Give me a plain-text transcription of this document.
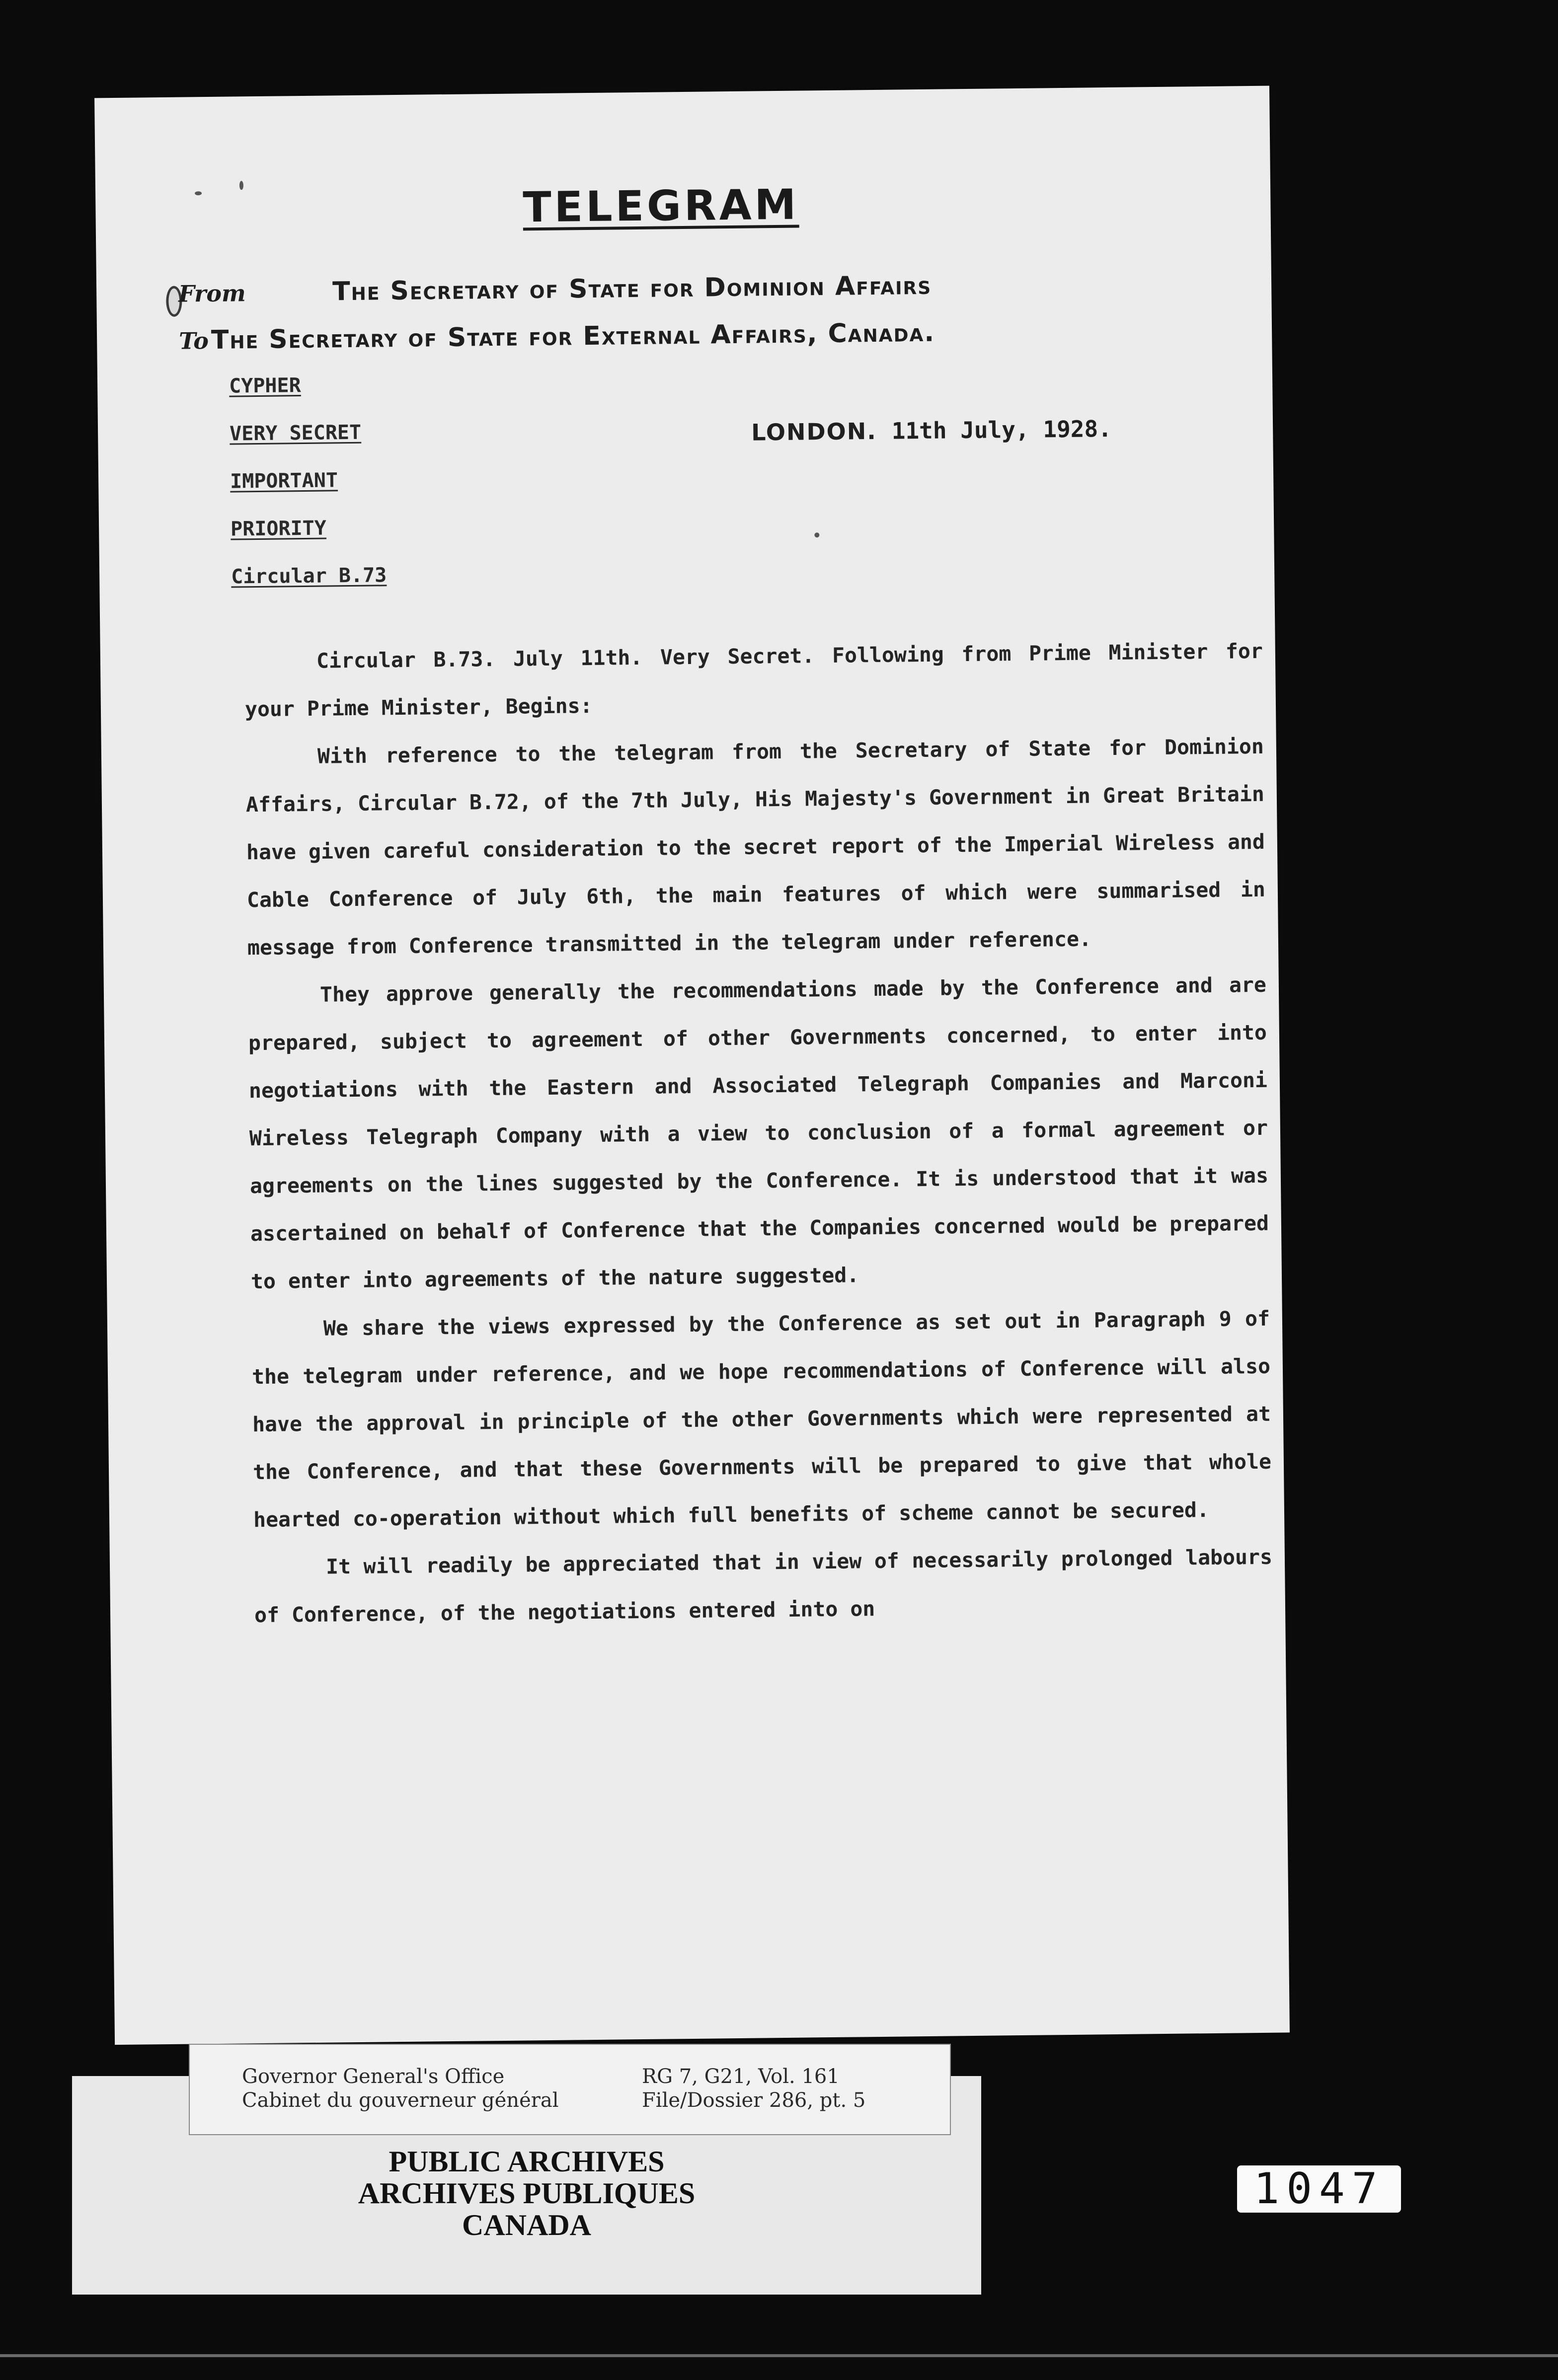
TELEGRAM
From	The Secretary of State for Dominion Affairs
To The Secretary of State for External Affairs, Canada.
CYPHER
VERY SECRET
IMPORTANT
PRIORITY
Circular B.73
LONDON. 11th July, 1928.

Circular B.73. July 11th. Very Secret. Following from Prime Minister for your Prime Minister, Begins:

With reference to the telegram from the Secretary of State for Dominion Affairs, Circular B.72, of the 7th July, His Majesty's Government in Great Britain have given careful consideration to the secret report of the Imperial Wireless and Cable Conference of July 6th, the main features of which were summarised in message from Conference transmitted in the telegram under reference.

They approve generally the recommendations made by the Conference and are prepared, subject to agreement of other Governments concerned, to enter into negotiations with the Eastern and Associated Telegraph Companies and Marconi Wireless Telegraph Company with a view to conclusion of a formal agreement or agreements on the lines suggested by the Conference. It is understood that it was ascertained on behalf of Conference that the Companies concerned would be prepared to enter into agreements of the nature suggested.

We share the views expressed by the Conference as set out in Paragraph 9 of the telegram under reference, and we hope recommendations of Conference will also have the approval in principle of the other Governments which were represented at the Conference, and that these Governments will be prepared to give that whole hearted co-operation without which full benefits of scheme cannot be secured.

It will readily be appreciated that in view of necessarily prolonged labours of Conference, of the negotiations entered into on

Governor General's Office
Cabinet du gouverneur général
RG 7, G21, Vol. 161
File/Dossier 286, pt. 5
PUBLIC ARCHIVES
ARCHIVES PUBLIQUES
CANADA
1047
